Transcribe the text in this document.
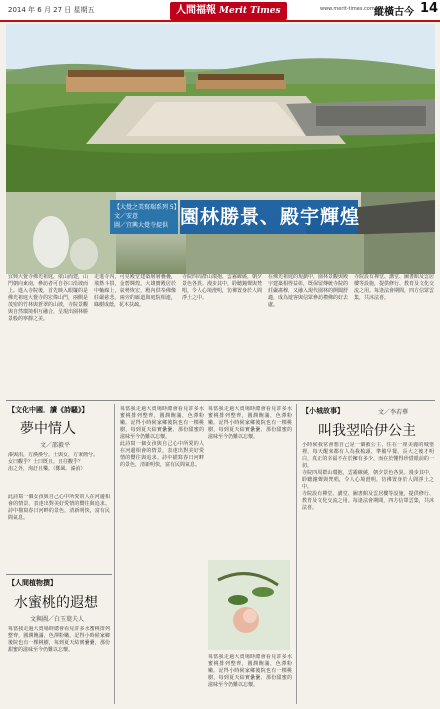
2014 年 6 月 27 日 星期五	人間福報 Merit Times	www.merit-times.com.tw
縱橫古今 14
【大覺之美寫瑞系列 5】
文／安意
圖／宜興大覺寺提供 園林勝景、殿宇輝煌
宜興大覺寺佛光祖庭，依山而建，山門朝向東南，參訪者可自谷口沿坡而上。進入寺院後，首先映入眼簾的是佛光祖庭大覺寺的宏偉山門，兩側是茂密的竹林與蒼翠的山坡，寺院景觀與自然環境相互融合，呈現出園林勝景般的寧靜之美。
走進寺內，可見殿堂建築層層疊疊，飛簷斗拱，金碧輝煌。大雄寶殿居於中軸線上，氣勢恢宏，殿內供奉佛像莊嚴慈悲。兩旁的廊道與庭院相連，綠樹成蔭，花木扶疏。
寺院四周群山環抱，雲霧繚繞，朝夕景色各異。漫步其中，聆聽鐘聲與梵唱，令人心境澄明，彷彿置身於人間淨土之中。
在佛光祖庭的規劃中，園林景觀與殿宇建築相得益彰，既保留傳統寺院的莊嚴肅穆，又融入現代園林的開闊舒適，成為遊客與信眾參訪禮佛的好去處。
寺院設有禪堂、講堂、圖書館及雲居樓等設施，提供修行、教育及文化交流之用。每逢法會期間，四方信眾雲集，共沐法喜。
【文化中國．讀《詩騷》】
夢中情人
文／邵毅平
溱與洧，方渙渙兮。士與女，方秉蕑兮。
女曰觀乎？士曰既且。且往觀乎？
洧之外，洵訏且樂。（鄭風．溱洧）
此詩寫一個女孩與自己心中所愛的人在河邊相會的情景，表達出對美好愛情的嚮往與追求。詩中描寫春日河畔的景色，清新明快，富有民間氣息。
【人間植物撰】
水蜜桃的遐想
文與圖／白玉葉夫人
每當我走過大賣場時總會看見許多水蜜桃排列整齊，圓潤飽滿，色澤粉嫩。記得小時候家鄉後院也有一棵桃樹，每到夏天結實纍纍，那份甜蜜的滋味至今仍難以忘懷。
每當我走過大賣場時總會看見許多水蜜桃排列整齊，圓潤飽滿，色澤粉嫩。記得小時候家鄉後院也有一棵桃樹，每到夏天結實纍纍，那份甜蜜的滋味至今仍難以忘懷。
此詩寫一個女孩與自己心中所愛的人在河邊相會的情景，表達出對美好愛情的嚮往與追求。詩中描寫春日河畔的景色，清新明快，富有民間氣息。
每當我走過大賣場時總會看見許多水蜜桃排列整齊，圓潤飽滿，色澤粉嫩。記得小時候家鄉後院也有一棵桃樹，每到夏天結實纍纍，那份甜蜜的滋味至今仍難以忘懷。
每當我走過大賣場時總會看見許多水蜜桃排列整齊，圓潤飽滿，色澤粉嫩。記得小時候家鄉後院也有一棵桃樹，每到夏天結實纍纍，那份甜蜜的滋味至今仍難以忘懷。
【小城故事】	文／李若華
叫我翌哈伊公主
小時候我常會想自己是一個被公主，住在一座美麗的城堡裡，每天醒來都有人為我梳頭、準備早餐。長大之後才明白，真正的幸福不在於擁有多少，而在於懂得珍惜眼前的一切。
寺院四周群山環抱，雲霧繚繞，朝夕景色各異。漫步其中，聆聽鐘聲與梵唱，令人心境澄明，彷彿置身於人間淨土之中。
寺院設有禪堂、講堂、圖書館及雲居樓等設施，提供修行、教育及文化交流之用。每逢法會期間，四方信眾雲集，共沐法喜。
